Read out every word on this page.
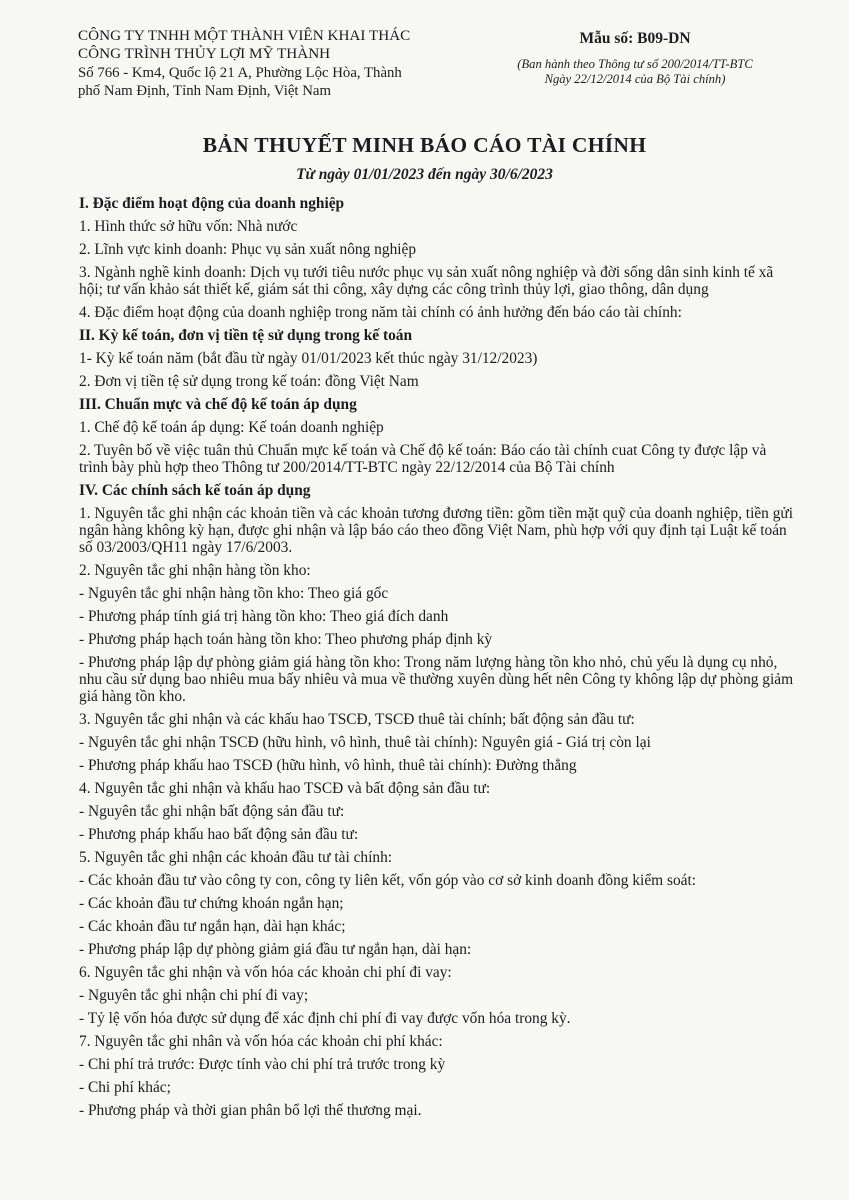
CÔNG TY TNHH MỘT THÀNH VIÊN KHAI THÁC
CÔNG TRÌNH THỦY LỢI MỸ THÀNH
Số 766 - Km4, Quốc lộ 21 A, Phường Lộc Hòa, Thành
phố Nam Định, Tỉnh Nam Định, Việt Nam
Mẫu số: B09-DN
(Ban hành theo Thông tư số 200/2014/TT-BTC
Ngày 22/12/2014 của Bộ Tài chính)
BẢN THUYẾT MINH BÁO CÁO TÀI CHÍNH
Từ ngày 01/01/2023 đến ngày 30/6/2023
I. Đặc điểm hoạt động của doanh nghiệp
1. Hình thức sở hữu vốn: Nhà nước
2. Lĩnh vực kinh doanh: Phục vụ sản xuất nông nghiệp
3. Ngành nghề kinh doanh: Dịch vụ tưới tiêu nước phục vụ sản xuất nông nghiệp và đời sống dân sinh kinh tế xã hội; tư vấn khảo sát thiết kế, giám sát thi công, xây dựng các công trình thủy lợi, giao thông, dân dụng
4. Đặc điểm hoạt động của doanh nghiệp trong năm tài chính có ảnh hưởng đến báo cáo tài chính:
II. Kỳ kế toán, đơn vị tiền tệ sử dụng trong kế toán
1- Kỳ kế toán năm (bắt đầu từ ngày 01/01/2023 kết thúc ngày 31/12/2023)
2. Đơn vị tiền tệ sử dụng trong kế toán: đồng Việt Nam
III. Chuẩn mực và chế độ kế toán áp dụng
1. Chế độ kế toán áp dụng: Kế toán doanh nghiệp
2. Tuyên bố về việc tuân thủ Chuẩn mực kế toán và Chế độ kế toán: Báo cáo tài chính cuat Công ty được lập và trình bày phù hợp theo Thông tư 200/2014/TT-BTC ngày 22/12/2014 của Bộ Tài chính
IV. Các chính sách kế toán áp dụng
1. Nguyên tắc ghi nhận các khoản tiền và các khoản tương đương tiền: gồm tiền mặt quỹ của doanh nghiệp, tiền gửi ngân hàng không kỳ hạn, được ghi nhận và lập báo cáo theo đồng Việt Nam, phù hợp với quy định tại Luật kế toán số 03/2003/QH11 ngày 17/6/2003.
2. Nguyên tắc ghi nhận hàng tồn kho:
- Nguyên tắc ghi nhận hàng tồn kho: Theo giá gốc
- Phương pháp tính giá trị hàng tồn kho: Theo giá đích danh
- Phương pháp hạch toán hàng tồn kho: Theo phương pháp định kỳ
- Phương pháp lập dự phòng giảm giá hàng tồn kho: Trong năm lượng hàng tồn kho nhỏ, chủ yếu là dụng cụ nhỏ, nhu cầu sử dụng bao nhiêu mua bấy nhiêu và mua về thường xuyên dùng hết nên Công ty không lập dự phòng giảm giá hàng tồn kho.
3. Nguyên tắc ghi nhận và các khấu hao TSCĐ, TSCĐ thuê tài chính; bất động sản đầu tư:
- Nguyên tắc ghi nhận TSCĐ (hữu hình, vô hình, thuê tài chính): Nguyên giá - Giá trị còn lại
- Phương pháp khấu hao TSCĐ (hữu hình, vô hình, thuê tài chính): Đường thẳng
4. Nguyên tắc ghi nhận và khấu hao TSCĐ và bất động sản đầu tư:
- Nguyên tắc ghi nhận bất động sản đầu tư:
- Phương pháp khấu hao bất động sản đầu tư:
5. Nguyên tắc ghi nhận các khoản đầu tư tài chính:
- Các khoản đầu tư vào công ty con, công ty liên kết, vốn góp vào cơ sở kinh doanh đồng kiểm soát:
- Các khoản đầu tư chứng khoán ngắn hạn;
- Các khoản đầu tư ngắn hạn, dài hạn khác;
- Phương pháp lập dự phòng giảm giá đầu tư ngắn hạn, dài hạn:
6. Nguyên tắc ghi nhận và vốn hóa các khoản chi phí đi vay:
- Nguyên tắc ghi nhận chi phí đi vay;
- Tỷ lệ vốn hóa được sử dụng để xác định chi phí đi vay được vốn hóa trong kỳ.
7. Nguyên tắc ghi nhân và vốn hóa các khoản chi phí khác:
- Chi phí trả trước: Được tính vào chi phí trả trước trong kỳ
- Chi phí khác;
- Phương pháp và thời gian phân bổ lợi thế thương mại.
